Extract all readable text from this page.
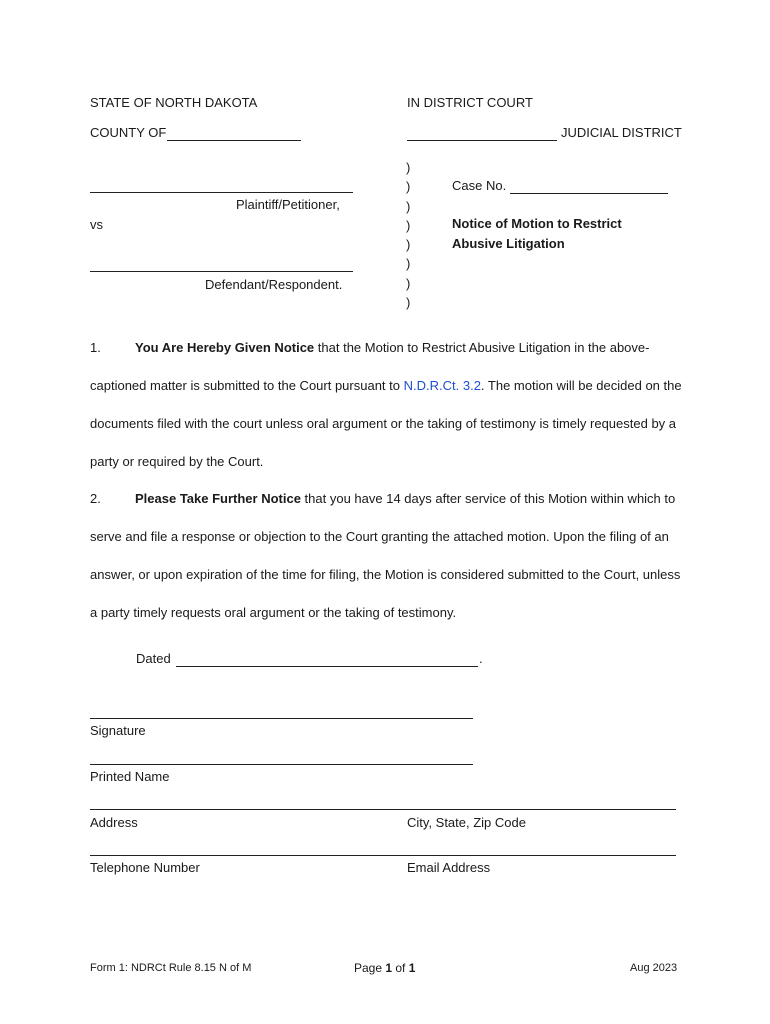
STATE OF NORTH DAKOTA	IN DISTRICT COURT
COUNTY OF	JUDICIAL DISTRICT
Plaintiff/Petitioner,
vs
Defendant/Respondent.
)
)
)
)
)
)
)
)
Case No.
Notice of Motion to Restrict
Abusive Litigation

1.	You Are Hereby Given Notice that the Motion to Restrict Abusive Litigation in the above-captioned matter is submitted to the Court pursuant to N.D.R.Ct. 3.2. The motion will be decided on the documents filed with the court unless oral argument or the taking of testimony is timely requested by a party or required by the Court.

2.	Please Take Further Notice that you have 14 days after service of this Motion within which to serve and file a response or objection to the Court granting the attached motion. Upon the filing of an answer, or upon expiration of the time for filing, the Motion is considered submitted to the Court, unless a party timely requests oral argument or the taking of testimony.

Dated	.
Signature
Printed Name
Address	City, State, Zip Code
Telephone Number	Email Address
Form 1: NDRCt Rule 8.15 N of M	Page 1 of 1	Aug 2023
